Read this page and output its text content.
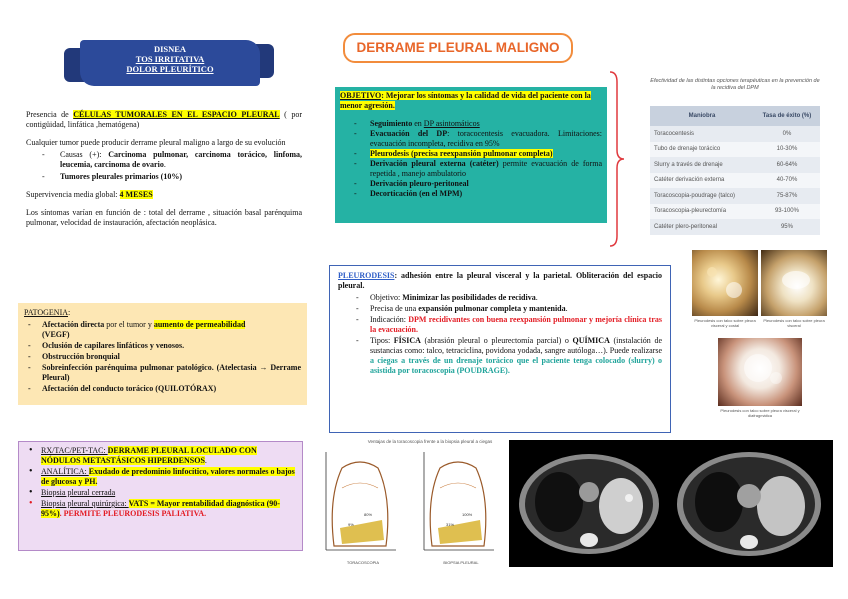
DISNEA
TOS IRRITATIVA
DOLOR PLEURÍTICO
DERRAME PLEURAL MALIGNO

Presencia de CÉLULAS TUMORALES EN EL ESPACIO PLEURAL ( por contigüidad, linfática ,hematógena)

Cualquier tumor puede producir derrame pleural maligno a largo de su evolución
- Causas (+): Carcinoma pulmonar, carcinoma torácico, linfoma, leucemia, carcinoma de ovario.
- Tumores pleurales primarios (10%)

Supervivencia media global: 4 MESES

Los síntomas varían en función de : total del derrame , situación basal parénquima pulmonar, velocidad de instauración, afectación neoplásica.

PATOGENIA:
- Afectación directa por el tumor y aumento de permeabilidad
(VEGF)
- Oclusión de capilares linfáticos y venosos.
- Obstrucción bronquial
- Sobreinfección parénquima pulmonar patológico. (Atelectasia → Derrame Pleural)
- Afectación del conducto torácico (QUILOTÓRAX)
• RX/TAC/PET-TAC: DERRAME PLEURAL LOCULADO CON NÓDULOS METASTÁSICOS HIPERDENSOS.
• ANALÍTICA: Exudado de predominio linfocítico, valores normales o bajos de glucosa y PH.
• Biopsia pleural cerrada
• Biopsia pleural quirúrgica: VATS = Mayor rentabilidad diagnóstica (90-95%). PERMITE PLEURODESIS PALIATIVA.
OBJETIVO: Mejorar los síntomas y la calidad de vida del paciente con la menor agresión.
- Seguimiento en DP asintomáticos
- Evacuación del DP: toracocentesis evacuadora. Limitaciones: evacuación incompleta, recidiva en 95%
- Pleurodesis (precisa reexpansión pulmonar completa)
- Derivación pleural externa (catéter) permite evacuación de forma repetida , manejo ambulatorio
- Derivación pleuro-peritoneal
- Decorticación (en el MPM)
Efectividad de las distintas opciones terapéuticas en la prevención de la recidiva del DPM
Maniobra	Tasa de éxito (%)
Toracocentesis	0%
Tubo de drenaje torácico	10-30%
Slurry a través de drenaje	60-64%
Catéter derivación externa	40-70%
Toracoscopia-poudrage (talco)	75-87%
Toracoscopia-pleurectomía	93-100%
Catéter plero-peritoneal	95%
PLEURODESIS: adhesión entre la pleural visceral y la parietal. Obliteración del espacio pleural.
- Objetivo: Minimizar las posibilidades de recidiva.
- Precisa de una expansión pulmonar completa y mantenida.
- Indicación: DPM recidivantes con buena reexpansión pulmonar y mejoría clínica tras la evacuación.
- Tipos: FÍSICA (abrasión pleural o pleurectomía parcial) o QUÍMICA (instalación de sustancias como: talco, tetraciclina, povidona yodada, sangre autóloga…). Puede realizarse a ciegas a través de un drenaje torácico que el paciente tenga colocado (slurry) o asistida por toracoscopia (POUDRAGE).
Pleurodesis con talco sobre pleura visceral y costal
Pleurodesis con talco sobre pleura visceral
Pleurodesis con talco sobre pleura visceral y diafragmática
Ventajas de la toracoscopia frente a la biopsia pleural a ciegas
80%
9%
100%
31%
TORACOSCOPIA	BIOPSIA PLEURAL
